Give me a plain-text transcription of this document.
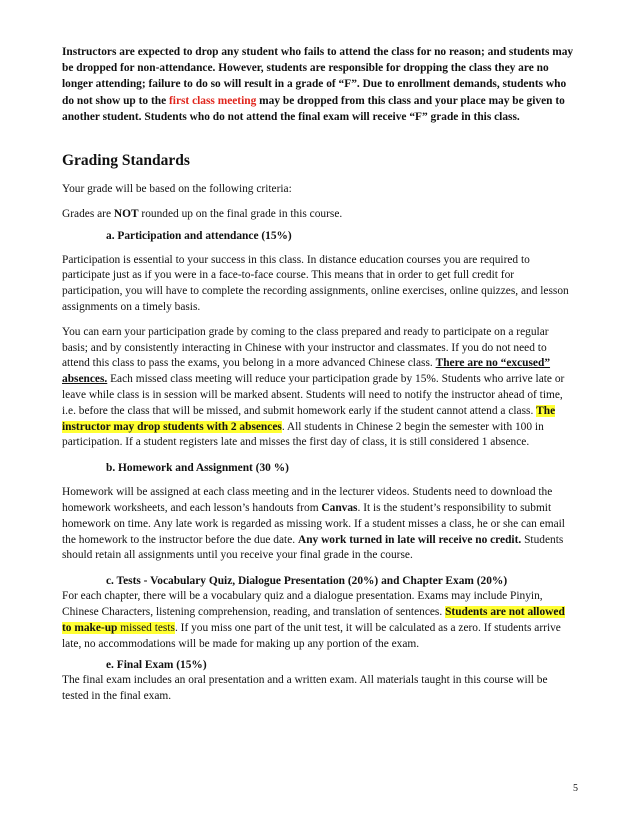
Instructors are expected to drop any student who fails to attend the class for no reason; and students may be dropped for non-attendance. However, students are responsible for dropping the class they are no longer attending; failure to do so will result in a grade of “F”. Due to enrollment demands, students who do not show up to the first class meeting may be dropped from this class and your place may be given to another student. Students who do not attend the final exam will receive “F” grade in this class.

Grading Standards

Your grade will be based on the following criteria:

Grades are NOT rounded up on the final grade in this course.

a. Participation and attendance (15%)

Participation is essential to your success in this class. In distance education courses you are required to participate just as if you were in a face-to-face course. This means that in order to get full credit for participation, you will have to complete the recording assignments, online exercises, online quizzes, and lesson assignments on a timely basis.

You can earn your participation grade by coming to the class prepared and ready to participate on a regular basis; and by consistently interacting in Chinese with your instructor and classmates. If you do not need to attend this class to pass the exams, you belong in a more advanced Chinese class. There are no “excused” absences. Each missed class meeting will reduce your participation grade by 15%. Students who arrive late or leave while class is in session will be marked absent. Students will need to notify the instructor ahead of time, i.e. before the class that will be missed, and submit homework early if the student cannot attend a class. The instructor may drop students with 2 absences. All students in Chinese 2 begin the semester with 100 in participation. If a student registers late and misses the first day of class, it is still considered 1 absence.

b. Homework and Assignment (30 %)

Homework will be assigned at each class meeting and in the lecturer videos. Students need to download the homework worksheets, and each lesson’s handouts from Canvas. It is the student’s responsibility to submit homework on time. Any late work is regarded as missing work. If a student misses a class, he or she can email the homework to the instructor before the due date. Any work turned in late will receive no credit. Students should retain all assignments until you receive your final grade in the course.

c. Tests - Vocabulary Quiz, Dialogue Presentation (20%) and Chapter Exam (20%)

For each chapter, there will be a vocabulary quiz and a dialogue presentation. Exams may include Pinyin, Chinese Characters, listening comprehension, reading, and translation of sentences. Students are not allowed to make-up missed tests. If you miss one part of the unit test, it will be calculated as a zero. If students arrive late, no accommodations will be made for making up any portion of the exam.

e. Final Exam (15%)

The final exam includes an oral presentation and a written exam. All materials taught in this course will be tested in the final exam.

5
